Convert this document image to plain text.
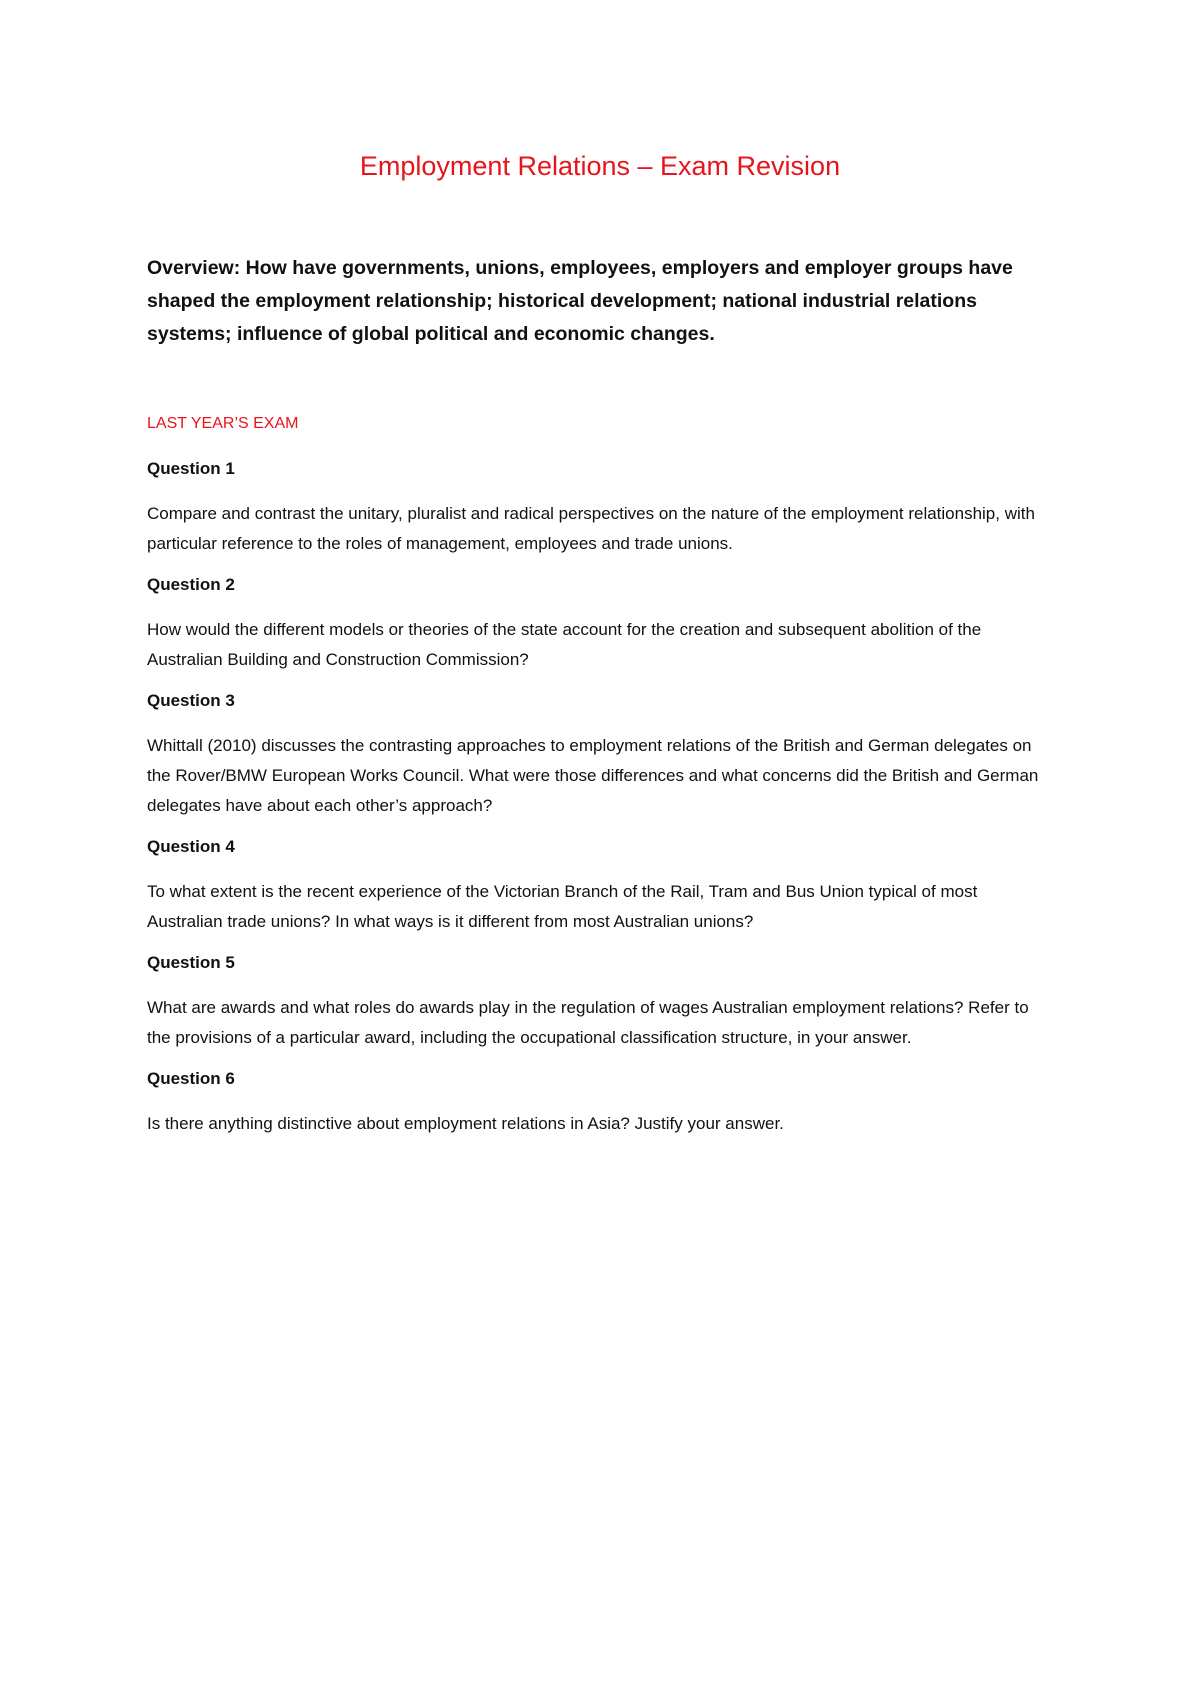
Employment Relations – Exam Revision
Overview: How have governments, unions, employees, employers and employer groups have shaped the employment relationship; historical development; national industrial relations systems; influence of global political and economic changes.
LAST YEAR’S EXAM
Question 1
Compare and contrast the unitary, pluralist and radical perspectives on the nature of the employment relationship, with particular reference to the roles of management, employees and trade unions.
Question 2
How would the different models or theories of the state account for the creation and subsequent abolition of the Australian Building and Construction Commission?
Question 3
Whittall (2010) discusses the contrasting approaches to employment relations of the British and German delegates on the Rover/BMW European Works Council. What were those differences and what concerns did the British and German delegates have about each other’s approach?
Question 4
To what extent is the recent experience of the Victorian Branch of the Rail, Tram and Bus Union typical of most Australian trade unions? In what ways is it different from most Australian unions?
Question 5
What are awards and what roles do awards play in the regulation of wages Australian employment relations? Refer to the provisions of a particular award, including the occupational classification structure, in your answer.
Question 6
Is there anything distinctive about employment relations in Asia? Justify your answer.
